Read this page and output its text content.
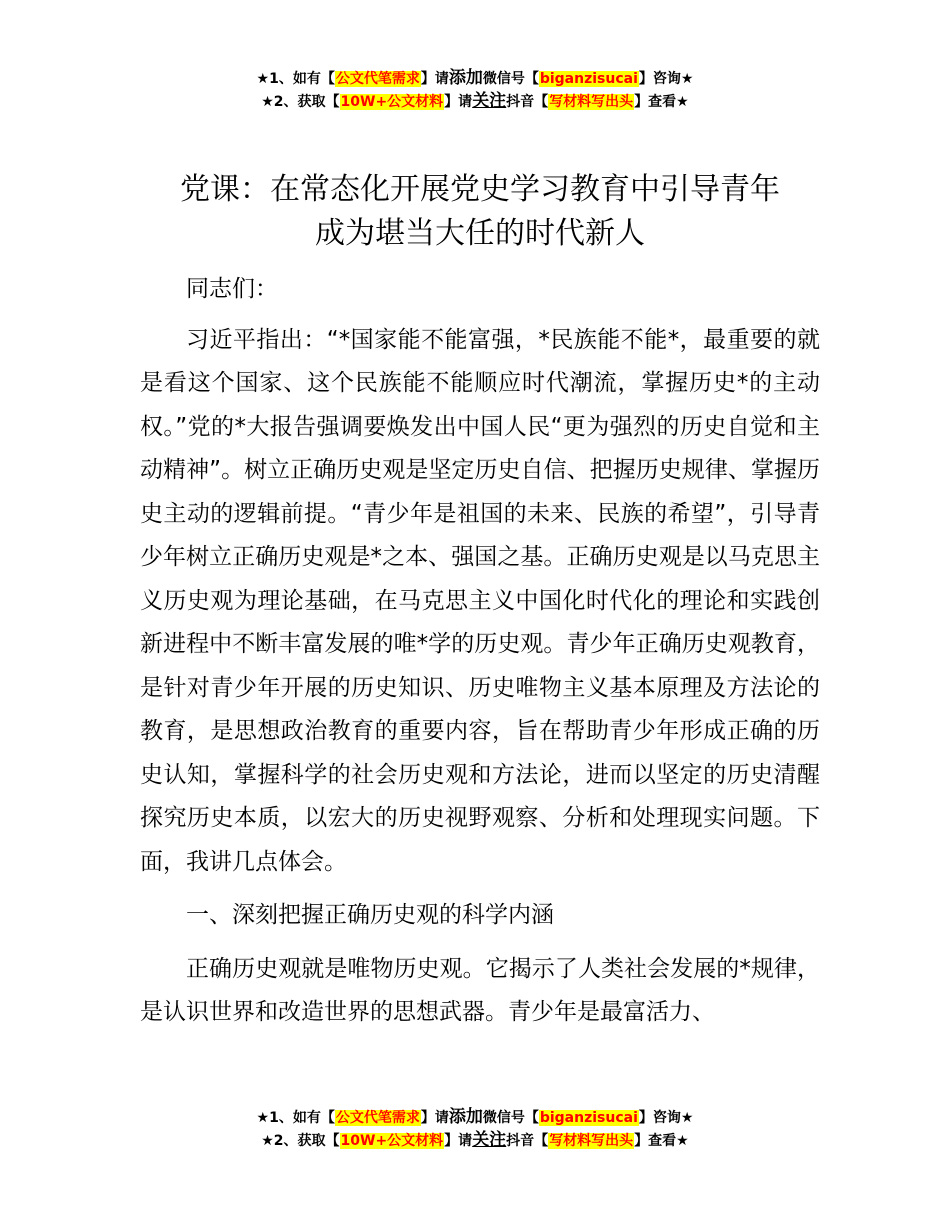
★1、如有【公文代笔需求】请添加微信号【biganzisucai】咨询★
★2、获取【10W+公文材料】请关注抖音【写材料写出头】查看★
党课：在常态化开展党史学习教育中引导青年
成为堪当大任的时代新人

同志们：

习近平指出：“*国家能不能富强，*民族能不能*，最重要的就是看这个国家、这个民族能不能顺应时代潮流，掌握历史*的主动权。”党的*大报告强调要焕发出中国人民“更为强烈的历史自觉和主动精神”。树立正确历史观是坚定历史自信、把握历史规律、掌握历史主动的逻辑前提。“青少年是祖国的未来、民族的希望”，引导青少年树立正确历史观是*之本、强国之基。正确历史观是以马克思主义历史观为理论基础，在马克思主义中国化时代化的理论和实践创新进程中不断丰富发展的唯*学的历史观。青少年正确历史观教育，是针对青少年开展的历史知识、历史唯物主义基本原理及方法论的教育，是思想政治教育的重要内容，旨在帮助青少年形成正确的历史认知，掌握科学的社会历史观和方法论，进而以坚定的历史清醒探究历史本质，以宏大的历史视野观察、分析和处理现实问题。下面，我讲几点体会。

一、深刻把握正确历史观的科学内涵

正确历史观就是唯物历史观。它揭示了人类社会发展的*规律，是认识世界和改造世界的思想武器。青少年是最富活力、

★1、如有【公文代笔需求】请添加微信号【biganzisucai】咨询★
★2、获取【10W+公文材料】请关注抖音【写材料写出头】查看★
